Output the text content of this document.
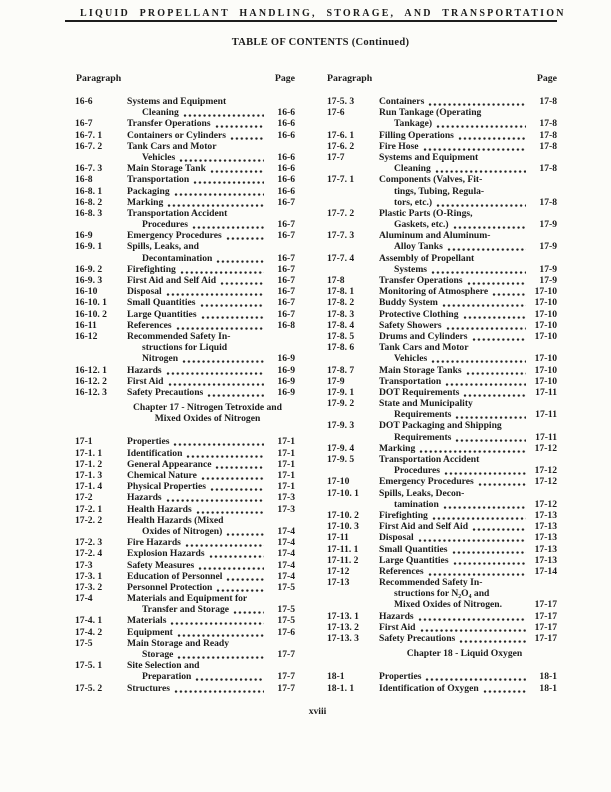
LIQUID PROPELLANT HANDLING, STORAGE, AND TRANSPORTATION
TABLE OF CONTENTS (Continued)
Paragraph	Page	Paragraph	Page
16-6	Systems and Equipment
Cleaning	16-6
16-7	Transfer Operations	16-6
16-7. 1	Containers or Cylinders	16-6
16-7. 2	Tank Cars and Motor
Vehicles	16-6
16-7. 3	Main Storage Tank	16-6
16-8	Transportation	16-6
16-8. 1	Packaging	16-6
16-8. 2	Marking	16-7
16-8. 3	Transportation Accident
Procedures	16-7
16-9	Emergency Procedures	16-7
16-9. 1	Spills, Leaks, and
Decontamination	16-7
16-9. 2	Firefighting	16-7
16-9. 3	First Aid and Self Aid	16-7
16-10	Disposal	16-7
16-10. 1	Small Quantities	16-7
16-10. 2	Large Quantities	16-7
16-11	References	16-8
16-12	Recommended Safety In-
structions for Liquid
Nitrogen	16-9
16-12. 1	Hazards	16-9
16-12. 2	First Aid	16-9
16-12. 3	Safety Precautions	16-9
Chapter 17 - Nitrogen Tetroxide and
Mixed Oxides of Nitrogen
17-1	Properties	17-1
17-1. 1	Identification	17-1
17-1. 2	General Appearance	17-1
17-1. 3	Chemical Nature	17-1
17-1. 4	Physical Properties	17-1
17-2	Hazards	17-3
17-2. 1	Health Hazards	17-3
17-2. 2	Health Hazards (Mixed
Oxides of Nitrogen)	17-4
17-2. 3	Fire Hazards	17-4
17-2. 4	Explosion Hazards	17-4
17-3	Safety Measures	17-4
17-3. 1	Education of Personnel	17-4
17-3. 2	Personnel Protection	17-5
17-4	Materials and Equipment for
Transfer and Storage	17-5
17-4. 1	Materials	17-5
17-4. 2	Equipment	17-6
17-5	Main Storage and Ready
Storage	17-7
17-5. 1	Site Selection and
Preparation	17-7
17-5. 2	Structures	17-7
17-5. 3	Containers	17-8
17-6	Run Tankage (Operating
Tankage)	17-8
17-6. 1	Filling Operations	17-8
17-6. 2	Fire Hose	17-8
17-7	Systems and Equipment
Cleaning	17-8
17-7. 1	Components (Valves, Fit-
tings, Tubing, Regula-
tors, etc.)	17-8
17-7. 2	Plastic Parts (O-Rings,
Gaskets, etc.)	17-9
17-7. 3	Aluminum and Aluminum-
Alloy Tanks	17-9
17-7. 4	Assembly of Propellant
Systems	17-9
17-8	Transfer Operations	17-9
17-8. 1	Monitoring of Atmosphere	17-10
17-8. 2	Buddy System	17-10
17-8. 3	Protective Clothing	17-10
17-8. 4	Safety Showers	17-10
17-8. 5	Drums and Cylinders	17-10
17-8. 6	Tank Cars and Motor
Vehicles	17-10
17-8. 7	Main Storage Tanks	17-10
17-9	Transportation	17-10
17-9. 1	DOT Requirements	17-11
17-9. 2	State and Municipality
Requirements	17-11
17-9. 3	DOT Packaging and Shipping
Requirements	17-11
17-9. 4	Marking	17-12
17-9. 5	Transportation Accident
Procedures	17-12
17-10	Emergency Procedures	17-12
17-10. 1	Spills, Leaks, Decon-
tamination	17-12
17-10. 2	Firefighting	17-13
17-10. 3	First Aid and Self Aid	17-13
17-11	Disposal	17-13
17-11. 1	Small Quantities	17-13
17-11. 2	Large Quantities	17-13
17-12	References	17-14
17-13	Recommended Safety In-
structions for N₂O₄ and
Mixed Oxides of Nitrogen.	17-17
17-13. 1	Hazards	17-17
17-13. 2	First Aid	17-17
17-13. 3	Safety Precautions	17-17
Chapter 18 - Liquid Oxygen
18-1	Properties	18-1
18-1. 1	Identification of Oxygen	18-1
xviii
